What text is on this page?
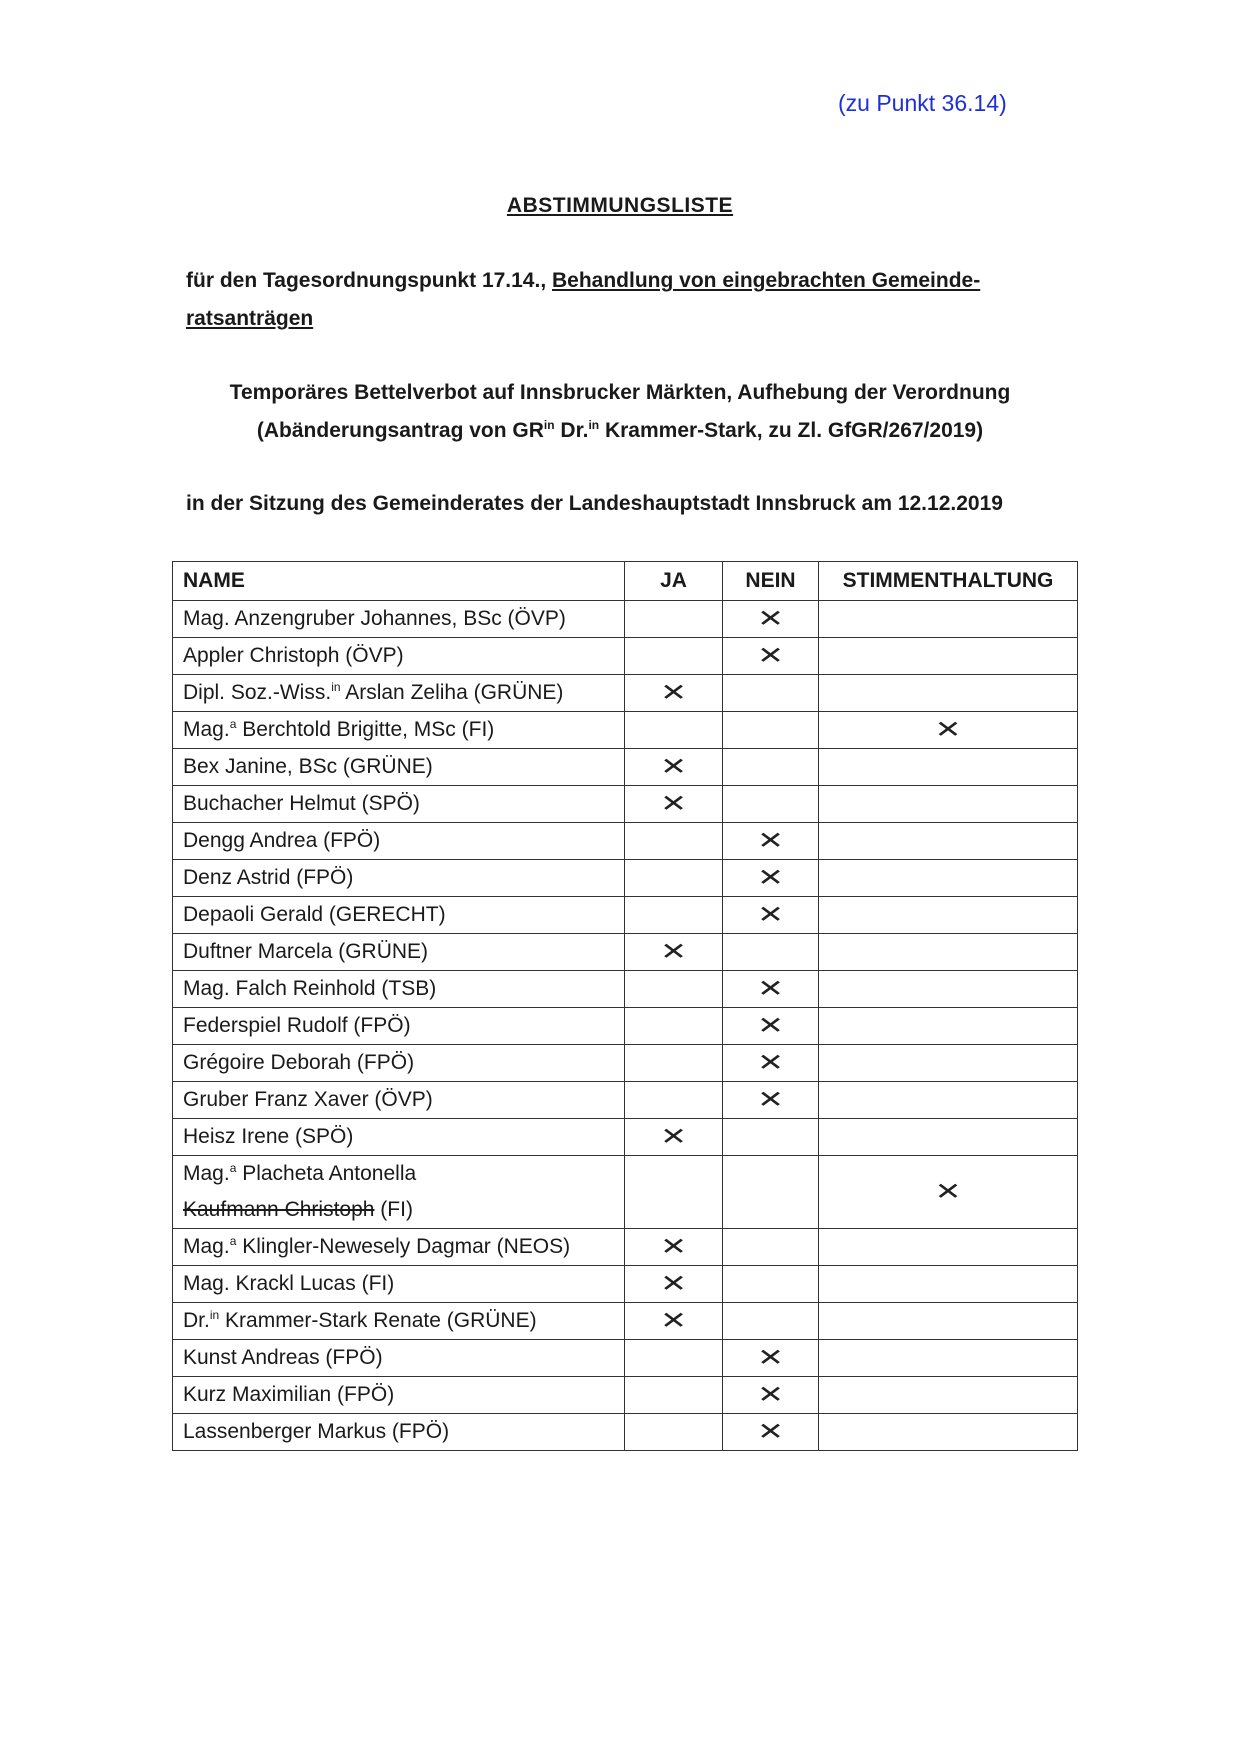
(zu Punkt 36.14)
ABSTIMMUNGSLISTE
für den Tagesordnungspunkt 17.14., Behandlung von eingebrachten Gemeinde-
ratsanträgen
Temporäres Bettelverbot auf Innsbrucker Märkten, Aufhebung der Verordnung
(Abänderungsantrag von $GR^{in}$ Dr.$^{in}$ Krammer-Stark, zu Zl. GfGR/267/2019)
in der Sitzung des Gemeinderates der Landeshauptstadt Innsbruck am 12.12.2019
NAME	JA	NEIN	STIMMENTHALTUNG
Mag. Anzengruber Johannes, BSc (ÖVP)		✕	
Appler Christoph (ÖVP)		✕	
Dipl. Soz.-Wiss.$^{in}$ Arslan Zeliha (GRÜNE)	✕		
Mag.$^a$ Berchtold Brigitte, MSc (FI)			✕
Bex Janine, BSc (GRÜNE)	✕		
Buchacher Helmut (SPÖ)	✕		
Dengg Andrea (FPÖ)		✕	
Denz Astrid (FPÖ)		✕	
Depaoli Gerald (GERECHT)		✕	
Duftner Marcela (GRÜNE)	✕		
Mag. Falch Reinhold (TSB)		✕	
Federspiel Rudolf (FPÖ)		✕	
Grégoire Deborah (FPÖ)		✕	
Gruber Franz Xaver (ÖVP)		✕	
Heisz Irene (SPÖ)	✕		
Mag.$^a$ Placheta Antonella
Kaufmann Christoph (FI)			✕
Mag.$^a$ Klingler-Newesely Dagmar (NEOS)	✕		
Mag. Krackl Lucas (FI)	✕		
Dr.$^{in}$ Krammer-Stark Renate (GRÜNE)	✕		
Kunst Andreas (FPÖ)		✕	
Kurz Maximilian (FPÖ)		✕	
Lassenberger Markus (FPÖ)		✕	
